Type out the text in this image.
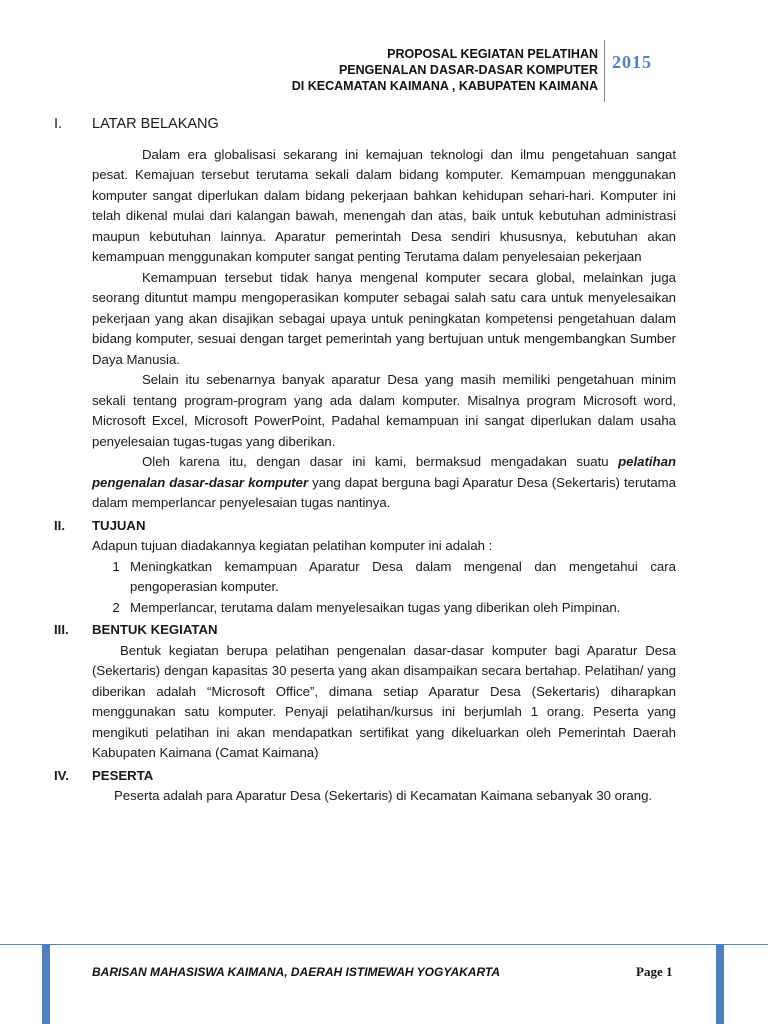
PROPOSAL KEGIATAN PELATIHAN
PENGENALAN DASAR-DASAR KOMPUTER
DI KECAMATAN KAIMANA , KABUPATEN KAIMANA
2015
I.	LATAR BELAKANG

Dalam era globalisasi sekarang ini kemajuan teknologi dan ilmu pengetahuan sangat pesat. Kemajuan tersebut terutama sekali dalam bidang komputer. Kemampuan menggunakan komputer sangat diperlukan dalam bidang pekerjaan bahkan kehidupan sehari-hari. Komputer ini telah dikenal mulai dari kalangan bawah, menengah dan atas, baik untuk kebutuhan administrasi maupun kebutuhan lainnya. Aparatur pemerintah Desa sendiri khususnya, kebutuhan akan kemampuan menggunakan komputer sangat penting Terutama dalam penyelesaian pekerjaan

Kemampuan tersebut tidak hanya mengenal komputer secara global, melainkan juga seorang dituntut mampu mengoperasikan komputer sebagai salah satu cara untuk menyelesaikan pekerjaan yang akan disajikan sebagai upaya untuk peningkatan kompetensi pengetahuan dalam bidang komputer, sesuai dengan target pemerintah yang bertujuan untuk mengembangkan Sumber Daya Manusia.

Selain itu sebenarnya banyak aparatur Desa yang masih memiliki pengetahuan minim sekali tentang program-program yang ada dalam komputer. Misalnya program Microsoft word, Microsoft Excel, Microsoft PowerPoint, Padahal kemampuan ini sangat diperlukan dalam usaha penyelesaian tugas-tugas yang diberikan.

Oleh karena itu, dengan dasar ini kami, bermaksud mengadakan suatu pelatihan pengenalan dasar-dasar komputer yang dapat berguna bagi Aparatur Desa (Sekertaris) terutama dalam memperlancar penyelesaian tugas nantinya.

II.	TUJUAN

Adapun tujuan diadakannya kegiatan pelatihan komputer ini adalah :

1 Meningkatkan kemampuan Aparatur Desa dalam mengenal dan mengetahui cara pengoperasian komputer.
2 Memperlancar, terutama dalam menyelesaikan tugas yang diberikan oleh Pimpinan.
III.	BENTUK KEGIATAN

Bentuk kegiatan berupa pelatihan pengenalan dasar-dasar komputer bagi Aparatur Desa (Sekertaris) dengan kapasitas 30 peserta yang akan disampaikan secara bertahap. Pelatihan/ yang diberikan adalah “Microsoft Office”, dimana setiap Aparatur Desa (Sekertaris) diharapkan menggunakan satu komputer. Penyaji pelatihan/kursus ini berjumlah 1 orang. Peserta yang mengikuti pelatihan ini akan mendapatkan sertifikat yang dikeluarkan oleh Pemerintah Daerah Kabupaten Kaimana (Camat Kaimana)

IV.	PESERTA

Peserta adalah para Aparatur Desa (Sekertaris) di Kecamatan Kaimana sebanyak 30 orang.

BARISAN MAHASISWA KAIMANA, DAERAH ISTIMEWAH YOGYAKARTA	Page 1
